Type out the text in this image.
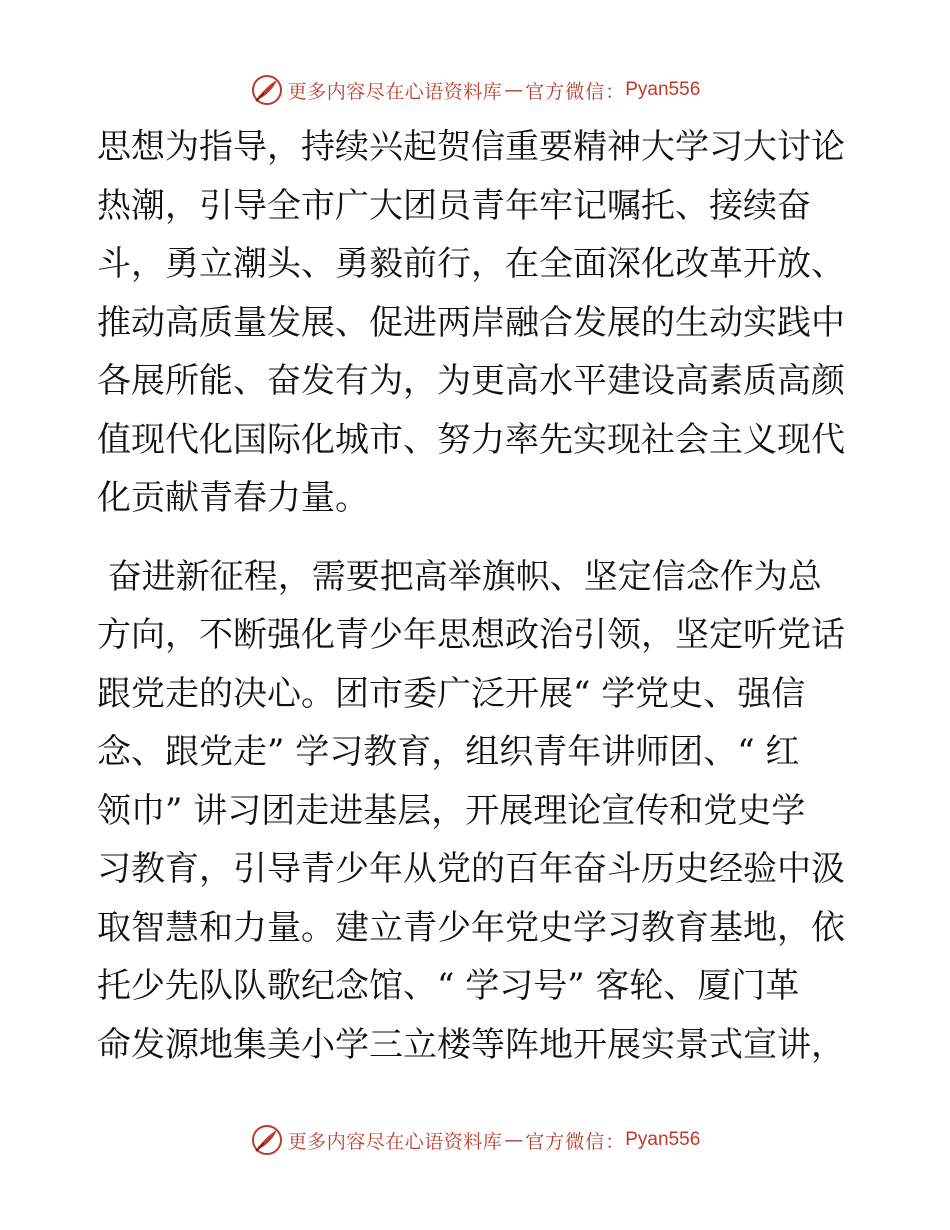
更多内容尽在心语资料库 — 官方微信： Pyan556
思想为指导，持续兴起贺信重要精神大学习大讨论
热潮，引导全市广大团员青年牢记嘱托、接续奋
斗，勇立潮头、勇毅前行，在全面深化改革开放、
推动高质量发展、促进两岸融合发展的生动实践中
各展所能、奋发有为，为更高水平建设高素质高颜
值现代化国际化城市、努力率先实现社会主义现代
化贡献青春力量。
奋进新征程，需要把高举旗帜、坚定信念作为总
方向，不断强化青少年思想政治引领，坚定听党话
跟党走的决心。团市委广泛开展“ 学党史、强信
念、跟党走” 学习教育，组织青年讲师团、“ 红
领巾” 讲习团走进基层，开展理论宣传和党史学
习教育，引导青少年从党的百年奋斗历史经验中汲
取智慧和力量。建立青少年党史学习教育基地，依
托少先队队歌纪念馆、“ 学习号” 客轮、厦门革
命发源地集美小学三立楼等阵地开展实景式宣讲，
更多内容尽在心语资料库 — 官方微信： Pyan556
